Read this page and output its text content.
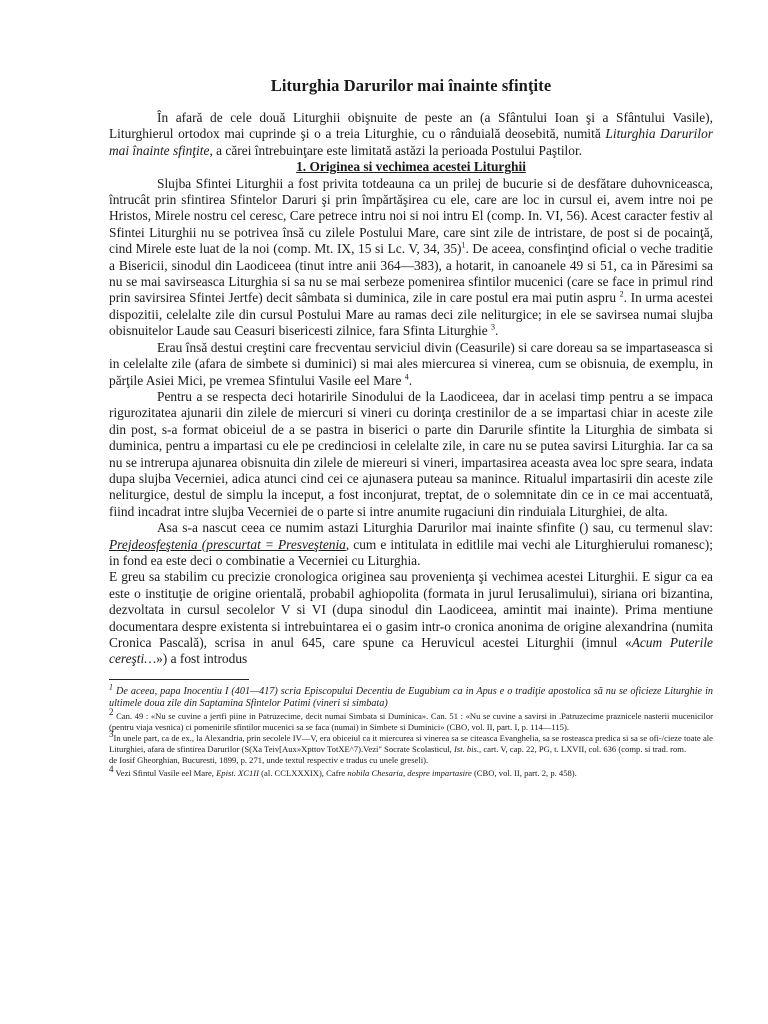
Liturghia Darurilor mai înainte sfinţite

În afară de cele două Liturghii obişnuite de peste an (a Sfântului Ioan şi a Sfântului Vasile), Liturghierul ortodox mai cuprinde şi o a treia Liturghie, cu o rânduială deosebită, numită Liturghia Darurilor mai înainte sfinţite, a cărei întrebuinţare este limitată astăzi la perioada Postului Paştilor.

1. Originea si vechimea acestei Liturghii

Slujba Sfintei Liturghii a fost privita totdeauna ca un prilej de bucurie si de desfătare duhovniceasca, întrucât prin sfintirea Sfintelor Daruri şi prin împărtăşirea cu ele, care are loc in cursul ei, avem intre noi pe Hristos, Mirele nostru cel ceresc, Care petrece intru noi si noi intru El (comp. In. VI, 56). Acest caracter festiv al Sfintei Liturghii nu se potrivea însă cu zilele Postului Mare, care sint zile de intristare, de post si de pocainţă, cind Mirele este luat de la noi (comp. Mt. IX, 15 si Lc. V, 34, 35)$^1$. De aceea, consfinţind oficial o veche traditie a Bisericii, sinodul din Laodiceea (tinut intre anii 364—383), a hotarit, in canoanele 49 si 51, ca in Păresimi sa nu se mai savirseasca Liturghia si sa nu se mai serbeze pomenirea sfintilor mucenici (care se face in primul rind prin savirsirea Sfintei Jertfe) decit sâmbata si duminica, zile in care postul era mai putin aspru $^2$. In urma acestei dispozitii, celelalte zile din cursul Postului Mare au ramas deci zile neliturgice; in ele se savirsea numai slujba obisnuitelor Laude sau Ceasuri bisericesti zilnice, fara Sfinta Liturghie $^3$.

Erau însă destui creştini care frecventau serviciul divin (Ceasurile) si care doreau sa se impartaseasca si in celelalte zile (afara de simbete si duminici) si mai ales miercurea si vinerea, cum se obisnuia, de exemplu, in părţile Asiei Mici, pe vremea Sfintului Vasile eel Mare $^4$.

Pentru a se respecta deci hotaririle Sinodului de la Laodiceea, dar in acelasi timp pentru a se impaca rigurozitatea ajunarii din zilele de miercuri si vineri cu dorinţa crestinilor de a se impartasi chiar in aceste zile din post, s-a format obiceiul de a se pastra in biserici o parte din Darurile sfintite la Liturghia de simbata si duminica, pentru a impartasi cu ele pe credinciosi in celelalte zile, in care nu se putea savirsi Liturghia. Iar ca sa nu se intrerupa ajunarea obisnuita din zilele de miereuri si vineri, impartasirea aceasta avea loc spre seara, indata dupa slujba Vecerniei, adica atunci cind cei ce ajunasera puteau sa manince. Ritualul impartasirii din aceste zile neliturgice, destul de simplu la inceput, a fost inconjurat, treptat, de o solemnitate din ce in ce mai accentuată, fiind incadrat intre slujba Vecerniei de o parte si intre anumite rugaciuni din rinduiala Liturghiei, de alta.

Asa s-a nascut ceea ce numim astazi Liturghia Darurilor mai inainte sfinfite () sau, cu termenul slav: Prejdeosfeştenia (prescurtat = Presveştenia, cum e intitulata in editlile mai vechi ale Liturghierului romanesc); in fond ea este deci o combinatie a Vecerniei cu Liturghia.

E greu sa stabilim cu precizie cronologica originea sau provenienţa şi vechimea acestei Liturghii. E sigur ca ea este o instituţie de origine orientală, probabil aghiopolita (formata in jurul Ierusalimului), siriana ori bizantina, dezvoltata in cursul secolelor V si VI (dupa sinodul din Laodiceea, amintit mai inainte). Prima mentiune documentara despre existenta si intrebuintarea ei o gasim intr-o cronica anonima de origine alexandrina (numita Cronica Pascală), scrisa in anul 645, care spune ca Heruvicul acestei Liturghii (imnul «Acum Puterile cereşti…») a fost introdus

$^1$ De aceea, papa Inocentiu I (401—417) scria Episcopului Decentiu de Eugubium ca in Apus e o tradiţie apostolica să nu se oficieze Liturghie in ultimele doua zile din Saptamina Sfintelor Patimi (vineri si simbata)

2 Can. 49 : «Nu se cuvine a jertfi piine in Patruzecime, decit numai Simbata si Duminica». Can. 51 : «Nu se cuvine a savirsi in .Patruzecime praznicele nasterii mucenicilor (pentru viaja vesnica) ci pomenirile sfintilor mucenici sa se faca (numai) in Simbete si Duminici» (CBO, vol. II, part. I, p. 114—115).

3In unele part, ca de ex., la Alexandria, prin secolele IV—V, era obiceiul ca it miercurea si vinerea sa se citeasca Evanghelia, sa se rosteasca predica si sa se ofi-/cieze toate ale Liturghiei, afara de sfintirea Darurilor (S(Xa Teiv[Aux»Xpttov TotXE^7).Vezi" Socrate Scolasticul, Ist. bis., cart. V, cap. 22, PG, t. LXVII, col. 636 (comp. si trad. rom.
de Iosif Gheorghian, Bucuresti, 1899, p. 271, unde textul respectiv e tradus cu unele greseli).

4 Vezi Sfintul Vasile eel Mare, Epist. XC1II (al. CCLXXXIX), Cafre nobila Chesaria, despre impartasire (CBO, vol. II, part. 2, p. 458).
